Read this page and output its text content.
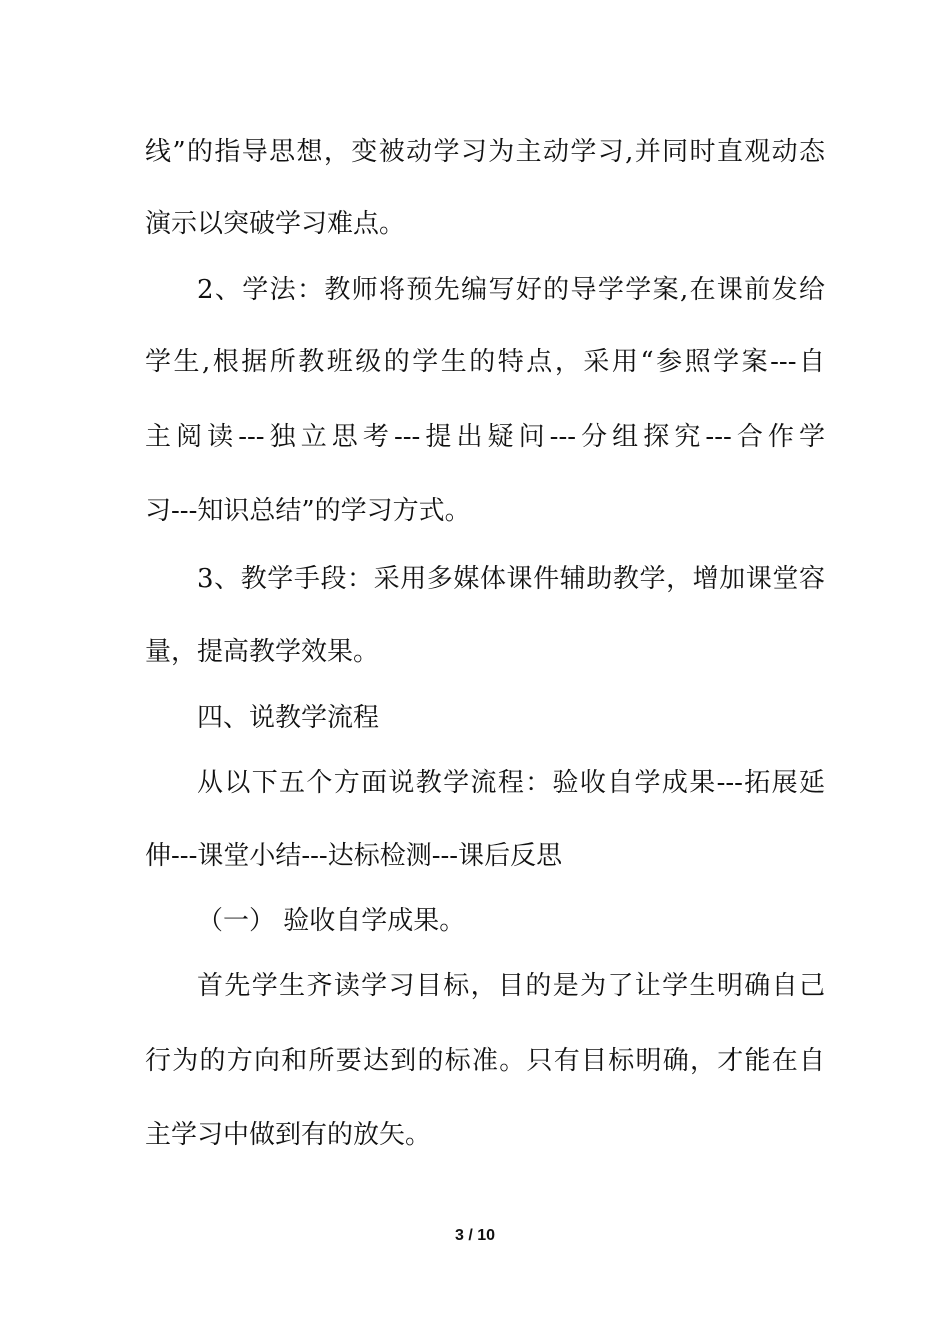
线”的指导思想，变被动学习为主动学习,并同时直观动态
演示以突破学习难点。
2、学法：教师将预先编写好的导学学案,在课前发给
学生,根据所教班级的学生的特点，采用“参照学案---自
主阅读---独立思考---提出疑问---分组探究---合作学
习---知识总结”的学习方式。
3、教学手段：采用多媒体课件辅助教学，增加课堂容
量，提高教学效果。
四、说教学流程
从以下五个方面说教学流程：验收自学成果---拓展延
伸---课堂小结---达标检测---课后反思
（一） 验收自学成果。
首先学生齐读学习目标，目的是为了让学生明确自己
行为的方向和所要达到的标准。只有目标明确，才能在自
主学习中做到有的放矢。
3 / 10
